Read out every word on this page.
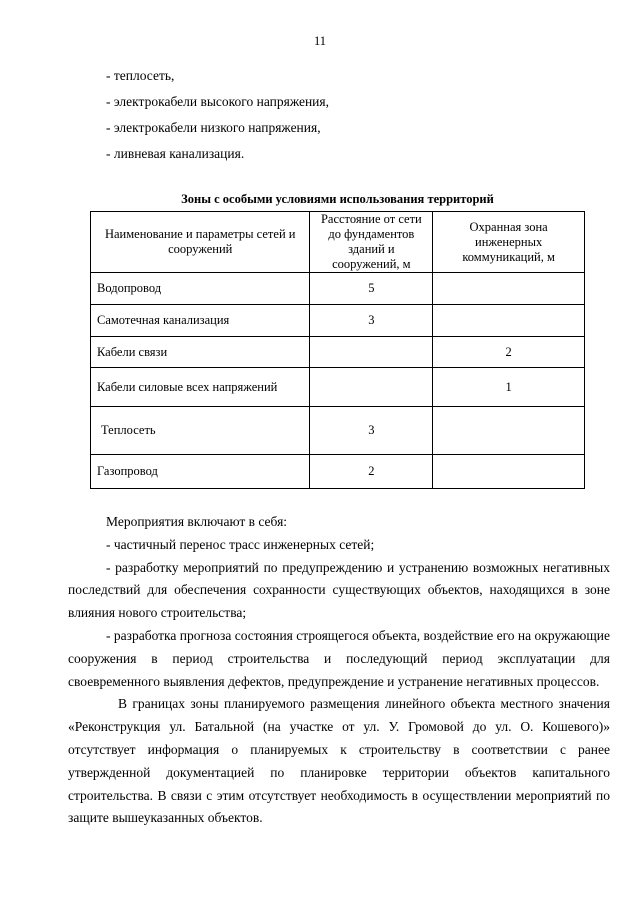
11
- теплосеть,
- электрокабели высокого напряжения,
- электрокабели низкого напряжения,
- ливневая канализация.
Зоны с особыми условиями использования территорий
Наименование и параметры сетей и сооружений	Расстояние от сети до фундаментов зданий и сооружений, м	Охранная зона инженерных коммуникаций, м
Водопровод	5	
Самотечная канализация	3	
Кабели связи		2
Кабели силовые всех напряжений		1
Теплосеть	3	
Газопровод	2	

Мероприятия включают в себя:

- частичный перенос трасс инженерных сетей;

- разработку мероприятий по предупреждению и устранению возможных негативных последствий для обеспечения сохранности существующих объектов, находящихся в зоне влияния нового строительства;

- разработка прогноза состояния строящегося объекта, воздействие его на окружающие сооружения в период строительства и последующий период эксплуатации для своевременного выявления дефектов, предупреждение и устранение негативных процессов.

В границах зоны планируемого размещения линейного объекта местного значения «Реконструкция ул. Батальной (на участке от ул. У. Громовой до ул. О. Кошевого)» отсутствует информация о планируемых к строительству в соответствии с ранее утвержденной документацией по планировке территории объектов капитального строительства. В связи с этим отсутствует необходимость в осуществлении мероприятий по защите вышеуказанных объектов.
